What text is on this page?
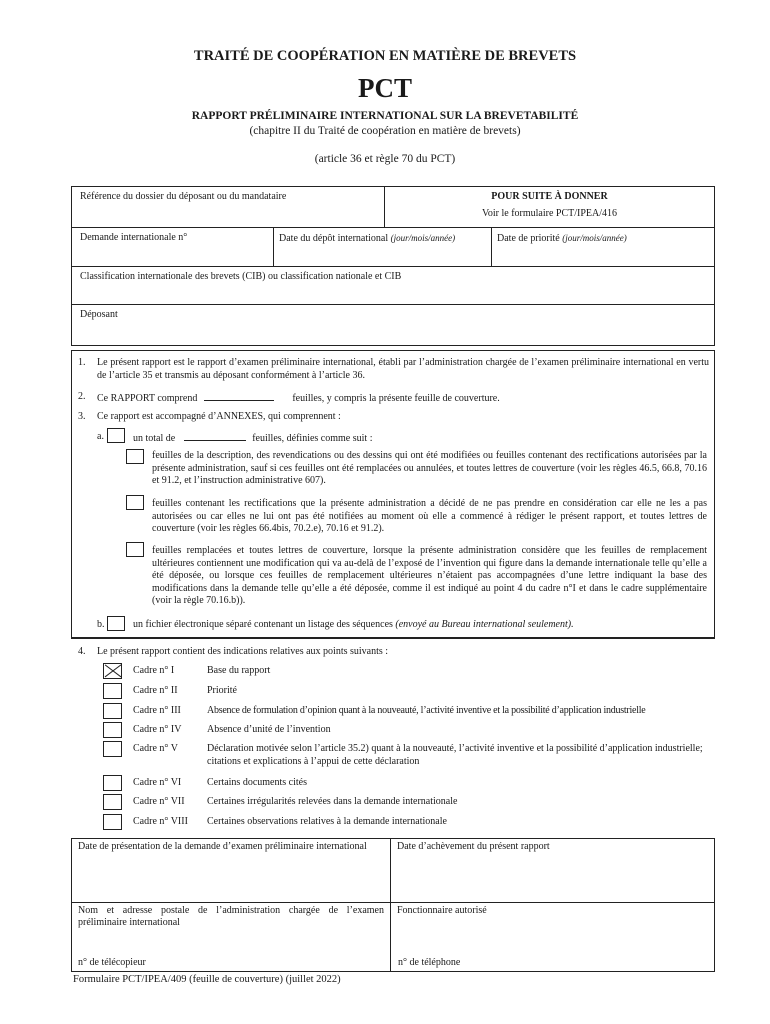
TRAITÉ DE COOPÉRATION EN MATIÈRE DE BREVETS
PCT
RAPPORT PRÉLIMINAIRE INTERNATIONAL SUR LA BREVETABILITÉ
(chapitre II du Traité de coopération en matière de brevets)
(article 36 et règle 70 du PCT)
Référence du dossier du déposant ou du mandataire	POUR SUITE À DONNER
Voir le formulaire PCT/IPEA/416
Demande internationale n°	Date du dépôt international (jour/mois/année)	Date de priorité (jour/mois/année)
Classification internationale des brevets (CIB) ou classification nationale et CIB
Déposant
1. Le présent rapport est le rapport d’examen préliminaire international, établi par l’administration chargée de l’examen préliminaire international en vertu de l’article 35 et transmis au déposant conformément à l’article 36.
2. Ce RAPPORT comprend	feuilles, y compris la présente feuille de couverture.
3. Ce rapport est accompagné d’ANNEXES, qui comprennent :
a.	un total de	feuilles, définies comme suit :
feuilles de la description, des revendications ou des dessins qui ont été modifiées ou feuilles contenant des rectifications autorisées par la présente administration, sauf si ces feuilles ont été remplacées ou annulées, et toutes lettres de couverture (voir les règles 46.5, 66.8, 70.16 et 91.2, et l’instruction administrative 607).
feuilles contenant les rectifications que la présente administration a décidé de ne pas prendre en considération car elle ne les a pas autorisées ou car elles ne lui ont pas été notifiées au moment où elle a commencé à rédiger le présent rapport, et toutes lettres de couverture (voir les règles 66.4bis, 70.2.e), 70.16 et 91.2).
feuilles remplacées et toutes lettres de couverture, lorsque la présente administration considère que les feuilles de remplacement ultérieures contiennent une modification qui va au-delà de l’exposé de l’invention qui figure dans la demande internationale telle qu’elle a été déposée, ou lorsque ces feuilles de remplacement ultérieures n’étaient pas accompagnées d’une lettre indiquant la base des modifications dans la demande telle qu’elle a été déposée, comme il est indiqué au point 4 du cadre n°I et dans le cadre supplémentaire (voir la règle 70.16.b)).
b.	un fichier électronique séparé contenant un listage des séquences (envoyé au Bureau international seulement).
4. Le présent rapport contient des indications relatives aux points suivants :
Cadre n° I	Base du rapport
Cadre n° II	Priorité
Cadre n° III	Absence de formulation d’opinion quant à la nouveauté, l’activité inventive et la possibilité d’application industrielle
Cadre n° IV	Absence d’unité de l’invention
Cadre n° V	Déclaration motivée selon l’article 35.2) quant à la nouveauté, l’activité inventive et la possibilité d’application industrielle; citations et explications à l’appui de cette déclaration
Cadre n° VI	Certains documents cités
Cadre n° VII Certaines irrégularités relevées dans la demande internationale
Cadre n° VIII Certaines observations relatives à la demande internationale
Date de présentation de la demande d’examen préliminaire international	Date d’achèvement du présent rapport
Nom et adresse postale de l’administration chargée de l’examen préliminaire international
Fonctionnaire autorisé
n° de télécopieur	n° de téléphone
Formulaire PCT/IPEA/409 (feuille de couverture) (juillet 2022)
